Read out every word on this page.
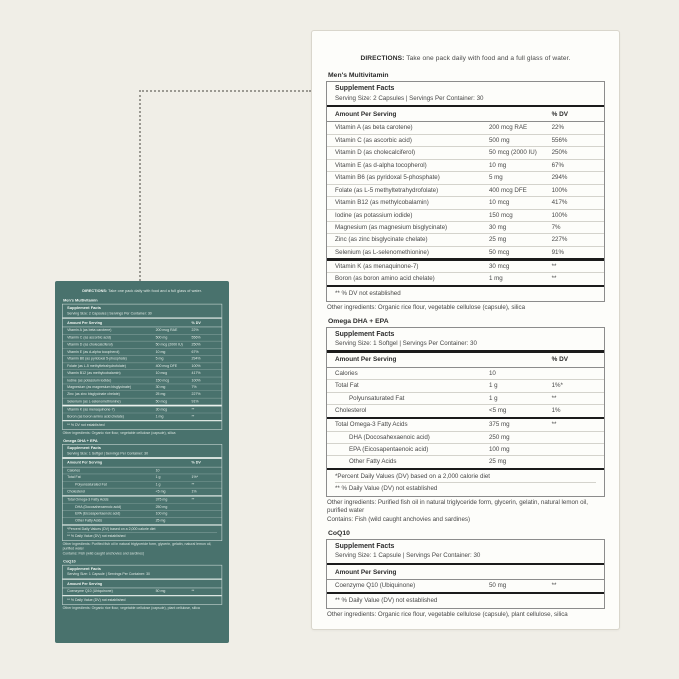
DIRECTIONS: Take one pack daily with food and a full glass of water.

Men's Multivitamin
Supplement Facts
Serving Size: 2 Capsules | Servings Per Container: 30
Amount Per Serving	% DV
Vitamin A (as beta carotene)	200 mcg RAE	22%
Vitamin C (as ascorbic acid)	500 mg	556%
Vitamin D (as cholecalciferol)	50 mcg (2000 IU)	250%
Vitamin E (as d-alpha tocopherol)	10 mg	67%
Vitamin B6 (as pyridoxal 5-phosphate)	5 mg	294%
Folate (as L-5 methyltetrahydrofolate)	400 mcg DFE	100%
Vitamin B12 (as methylcobalamin)	10 mcg	417%
Iodine (as potassium iodide)	150 mcg	100%
Magnesium (as magnesium bisglycinate)	30 mg	7%
Zinc (as zinc bisglycinate chelate)	25 mg	227%
Selenium (as L-selenomethionine)	50 mcg	91%
Vitamin K (as menaquinone-7)	30 mcg	**
Boron (as boron amino acid chelate)	1 mg	**
** % DV not established

Other ingredients: Organic rice flour, vegetable cellulose (capsule), silica

Omega DHA + EPA
Supplement Facts
Serving Size: 1 Softgel | Servings Per Container: 30
Amount Per Serving	% DV
Calories	10
Total Fat	1 g	1%*
Polyunsaturated Fat	1 g	**
Cholesterol	<5 mg	1%
Total Omega-3 Fatty Acids	375 mg	**
DHA (Docosahexaenoic acid)	250 mg
EPA (Eicosapentaenoic acid)	100 mg
Other Fatty Acids	25 mg
*Percent Daily Values (DV) based on a 2,000 calorie diet
** % Daily Value (DV) not established

Other ingredients: Purified fish oil in natural triglyceride form, glycerin, gelatin, natural lemon oil, purified water

Contains: Fish (wild caught anchovies and sardines)

CoQ10
Supplement Facts
Serving Size: 1 Capsule | Servings Per Container: 30
Amount Per Serving
Coenzyme Q10 (Ubiquinone)	50 mg	**
** % Daily Value (DV) not established

Other ingredients: Organic rice flour, vegetable cellulose (capsule), plant cellulose, silica

DIRECTIONS: Take one pack daily with food and a full glass of water.

Men's Multivitamin
Supplement Facts
Serving Size: 2 Capsules | Servings Per Container: 30
Amount Per Serving	% DV
Vitamin A (as beta carotene)	200 mcg RAE	22%
Vitamin C (as ascorbic acid)	500 mg	556%
Vitamin D (as cholecalciferol)	50 mcg (2000 IU)	250%
Vitamin E (as d-alpha tocopherol)	10 mg	67%
Vitamin B6 (as pyridoxal 5-phosphate)	5 mg	294%
Folate (as L-5 methyltetrahydrofolate)	400 mcg DFE	100%
Vitamin B12 (as methylcobalamin)	10 mcg	417%
Iodine (as potassium iodide)	150 mcg	100%
Magnesium (as magnesium bisglycinate)	30 mg	7%
Zinc (as zinc bisglycinate chelate)	25 mg	227%
Selenium (as L-selenomethionine)	50 mcg	91%
Vitamin K (as menaquinone-7)	30 mcg	**
Boron (as boron amino acid chelate)	1 mg	**
** % DV not established

Other ingredients: Organic rice flour, vegetable cellulose (capsule), silica

Omega DHA + EPA
Supplement Facts
Serving Size: 1 Softgel | Servings Per Container: 30
Amount Per Serving	% DV
Calories	10
Total Fat	1 g	1%*
Polyunsaturated Fat	1 g	**
Cholesterol	<5 mg	1%
Total Omega-3 Fatty Acids	375 mg	**
DHA (Docosahexaenoic acid)	250 mg
EPA (Eicosapentaenoic acid)	100 mg
Other Fatty Acids	25 mg
*Percent Daily Values (DV) based on a 2,000 calorie diet
** % Daily Value (DV) not established

Other ingredients: Purified fish oil in natural triglyceride form, glycerin, gelatin, natural lemon oil, purified water

Contains: Fish (wild caught anchovies and sardines)

CoQ10
Supplement Facts
Serving Size: 1 Capsule | Servings Per Container: 30
Amount Per Serving
Coenzyme Q10 (Ubiquinone)	50 mg	**
** % Daily Value (DV) not established

Other ingredients: Organic rice flour, vegetable cellulose (capsule), plant cellulose, silica
